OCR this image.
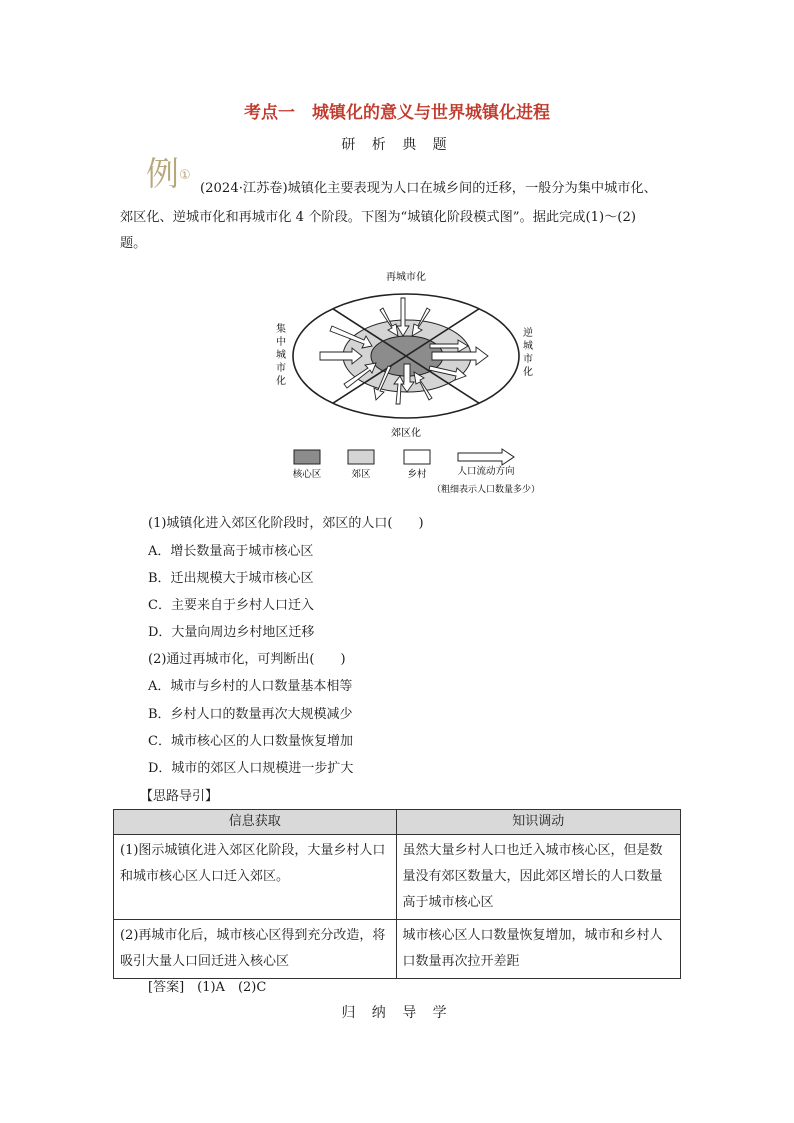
考点一　城镇化的意义与世界城镇化进程
研 析 典 题
例①
(2024·江苏卷)城镇化主要表现为人口在城乡间的迁移，一般分为集中城市化、
郊区化、逆城市化和再城市化 4 个阶段。下图为“城镇化阶段模式图”。据此完成(1)～(2)
题。
再城市化
集
中
城
市
化
逆
城
市
化
郊区化
核心区	郊区	乡村	人口流动方向
（粗细表示人口数量多少）
(1)城镇化进入郊区化阶段时，郊区的人口(　　)
A．增长数量高于城市核心区
B．迁出规模大于城市核心区
C．主要来自于乡村人口迁入
D．大量向周边乡村地区迁移
(2)通过再城市化，可判断出(　　)
A．城市与乡村的人口数量基本相等
B．乡村人口的数量再次大规模减少
C．城市核心区的人口数量恢复增加
D．城市的郊区人口规模进一步扩大
【思路导引】
信息获取	知识调动
(1)图示城镇化进入郊区化阶段，大量乡村人口和城市核心区人口迁入郊区。	虽然大量乡村人口也迁入城市核心区，但是数量没有郊区数量大，因此郊区增长的人口数量高于城市核心区
(2)再城市化后，城市核心区得到充分改造，将吸引大量人口回迁进入核心区	城市核心区人口数量恢复增加，城市和乡村人口数量再次拉开差距
[答案]　(1)A　(2)C
归 纳 导 学
